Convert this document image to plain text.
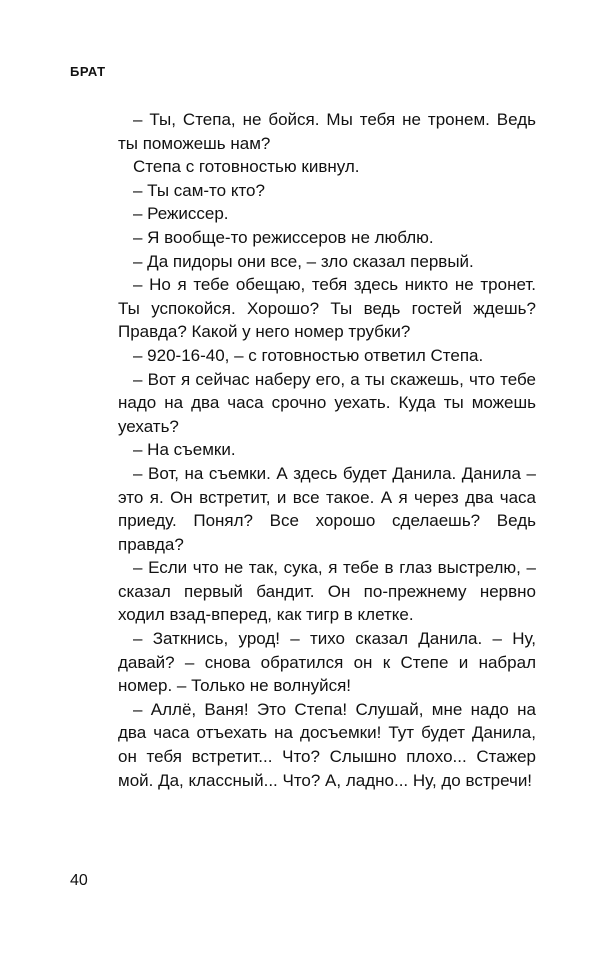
БРАТ

– Ты, Степа, не бойся. Мы тебя не тронем. Ведь ты поможешь нам?

Степа с готовностью кивнул.

– Ты сам-то кто?

– Режиссер.

– Я вообще-то режиссеров не люблю.

– Да пидоры они все, – зло сказал первый.

– Но я тебе обещаю, тебя здесь никто не тронет. Ты успокойся. Хорошо? Ты ведь гостей ждешь? Правда? Какой у него номер трубки?

– 920-16-40, – с готовностью ответил Степа.

– Вот я сейчас наберу его, а ты скажешь, что тебе надо на два часа срочно уехать. Куда ты можешь уехать?

– На съемки.

– Вот, на съемки. А здесь будет Данила. Данила – это я. Он встретит, и все такое. А я через два часа приеду. Понял? Все хорошо сделаешь? Ведь правда?

– Если что не так, сука, я тебе в глаз выстрелю, – сказал первый бандит. Он по-прежнему нервно ходил взад-вперед, как тигр в клетке.

– Заткнись, урод! – тихо сказал Данила. – Ну, давай? – снова обратился он к Степе и набрал номер. – Только не волнуйся!

– Аллё, Ваня! Это Степа! Слушай, мне надо на два часа отъехать на досъемки! Тут будет Данила, он тебя встретит... Что? Слышно плохо... Стажер мой. Да, классный... Что? А, ладно... Ну, до встречи!

40
